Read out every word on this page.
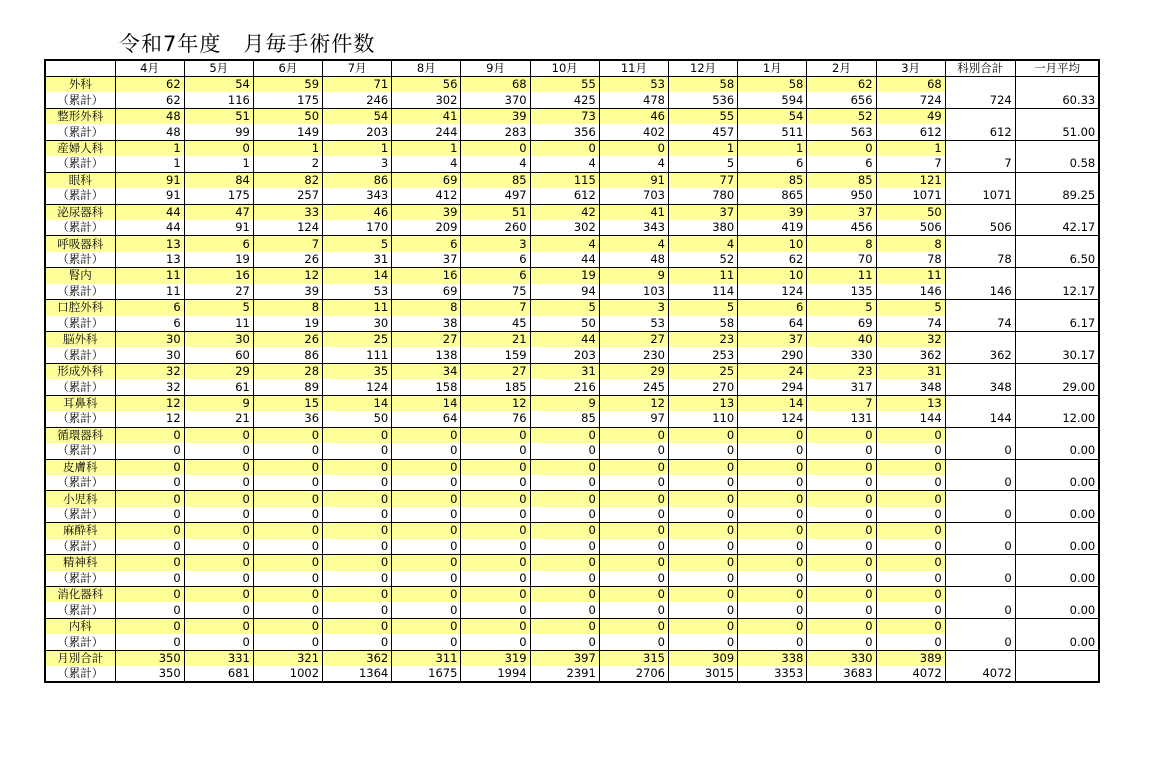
令和7年度　月毎手術件数
	4月	5月	6月	7月	8月	9月	10月	11月	12月	1月	2月	3月	科別合計	一月平均
外科	62	54	59	71	56	68	55	53	58	58	62	68		
（累計）	62	116	175	246	302	370	425	478	536	594	656	724	724	60.33
整形外科	48	51	50	54	41	39	73	46	55	54	52	49		
（累計）	48	99	149	203	244	283	356	402	457	511	563	612	612	51.00
産婦人科	1	0	1	1	1	0	0	0	1	1	0	1		
（累計）	1	1	2	3	4	4	4	4	5	6	6	7	7	0.58
眼科	91	84	82	86	69	85	115	91	77	85	85	121		
（累計）	91	175	257	343	412	497	612	703	780	865	950	1071	1071	89.25
泌尿器科	44	47	33	46	39	51	42	41	37	39	37	50		
（累計）	44	91	124	170	209	260	302	343	380	419	456	506	506	42.17
呼吸器科	13	6	7	5	6	3	4	4	4	10	8	8		
（累計）	13	19	26	31	37	6	44	48	52	62	70	78	78	6.50
腎内	11	16	12	14	16	6	19	9	11	10	11	11		
（累計）	11	27	39	53	69	75	94	103	114	124	135	146	146	12.17
口腔外科	6	5	8	11	8	7	5	3	5	6	5	5		
（累計）	6	11	19	30	38	45	50	53	58	64	69	74	74	6.17
脳外科	30	30	26	25	27	21	44	27	23	37	40	32		
（累計）	30	60	86	111	138	159	203	230	253	290	330	362	362	30.17
形成外科	32	29	28	35	34	27	31	29	25	24	23	31		
（累計）	32	61	89	124	158	185	216	245	270	294	317	348	348	29.00
耳鼻科	12	9	15	14	14	12	9	12	13	14	7	13		
（累計）	12	21	36	50	64	76	85	97	110	124	131	144	144	12.00
循環器科	0	0	0	0	0	0	0	0	0	0	0	0		
（累計）	0	0	0	0	0	0	0	0	0	0	0	0	0	0.00
皮膚科	0	0	0	0	0	0	0	0	0	0	0	0		
（累計）	0	0	0	0	0	0	0	0	0	0	0	0	0	0.00
小児科	0	0	0	0	0	0	0	0	0	0	0	0		
（累計）	0	0	0	0	0	0	0	0	0	0	0	0	0	0.00
麻酔科	0	0	0	0	0	0	0	0	0	0	0	0		
（累計）	0	0	0	0	0	0	0	0	0	0	0	0	0	0.00
精神科	0	0	0	0	0	0	0	0	0	0	0	0		
（累計）	0	0	0	0	0	0	0	0	0	0	0	0	0	0.00
消化器科	0	0	0	0	0	0	0	0	0	0	0	0		
（累計）	0	0	0	0	0	0	0	0	0	0	0	0	0	0.00
内科	0	0	0	0	0	0	0	0	0	0	0	0		
（累計）	0	0	0	0	0	0	0	0	0	0	0	0	0	0.00
月別合計	350	331	321	362	311	319	397	315	309	338	330	389		
（累計）	350	681	1002	1364	1675	1994	2391	2706	3015	3353	3683	4072	4072	
